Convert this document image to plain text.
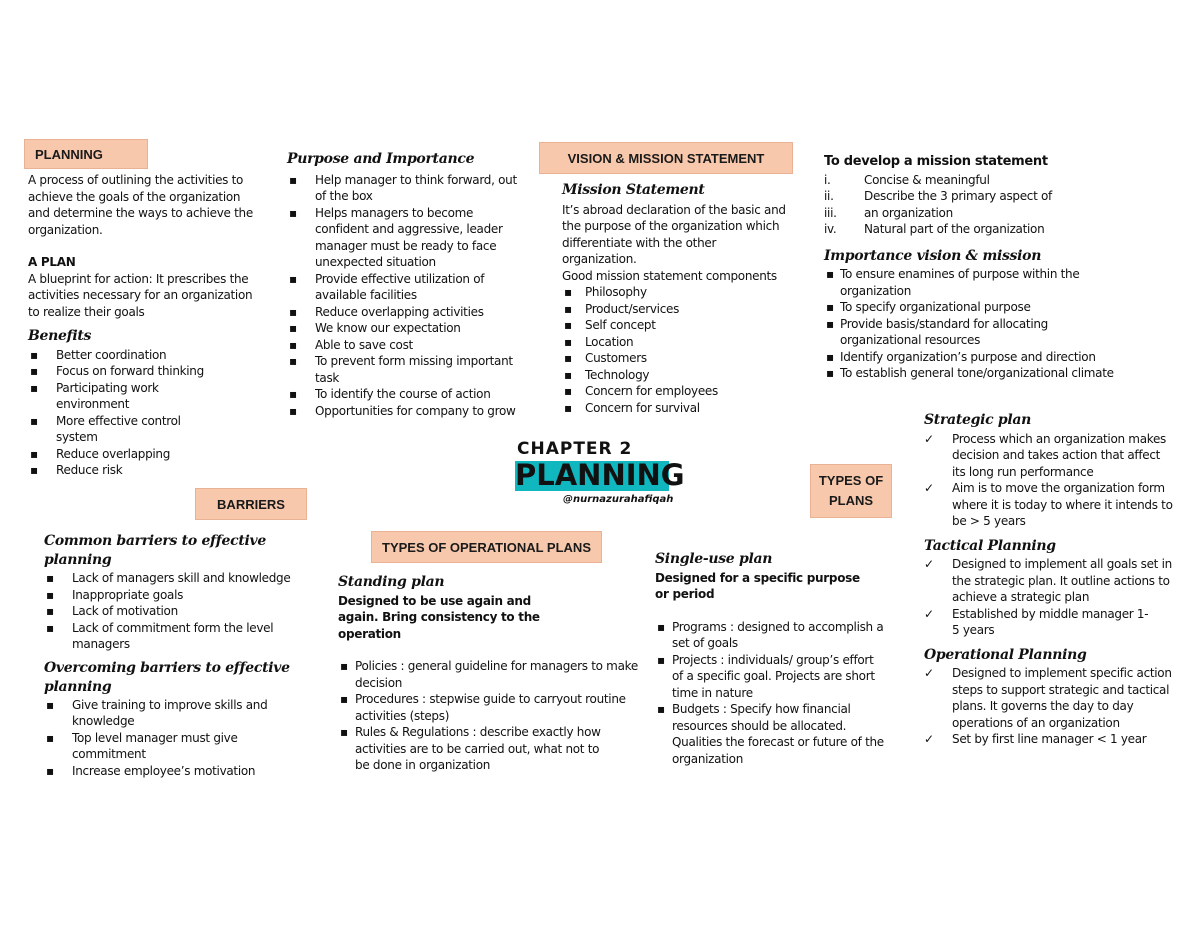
PLANNING
A process of outlining the activities to achieve the goals of the organization and determine the ways to achieve the organization.
A PLAN
A blueprint for action: It prescribes the activities necessary for an organization to realize their goals
Benefits
▪ Better coordination
▪ Focus on forward thinking
▪ Participating work environment
▪ More effective control system
▪ Reduce overlapping
▪ Reduce risk
Purpose and Importance
▪ Help manager to think forward, out of the box
▪ Helps managers to become confident and aggressive, leader manager must be ready to face unexpected situation
▪ Provide effective utilization of available facilities
▪ Reduce overlapping activities
▪ We know our expectation
▪ Able to save cost
▪ To prevent form missing important task
▪ To identify the course of action
▪ Opportunities for company to grow
VISION & MISSION STATEMENT
Mission Statement
It’s abroad declaration of the basic and the purpose of the organization which differentiate with the other organization.
Good mission statement components
▪ Philosophy
▪ Product/services
▪ Self concept
▪ Location
▪ Customers
▪ Technology
▪ Concern for employees
▪ Concern for survival
To develop a mission statement
i.	Concise & meaningful
ii.	Describe the 3 primary aspect of
iii. an organization
iv. Natural part of the organization
Importance vision & mission
▪ To ensure enamines of purpose within the organization
▪ To specify organizational purpose
▪ Provide basis/standard for allocating organizational resources
▪ Identify organization’s purpose and direction
▪ To establish general tone/organizational climate
CHAPTER 2
PLANNING
@nurnazurahafiqah
BARRIERS
Common barriers to effective planning
▪ Lack of managers skill and knowledge
▪ Inappropriate goals
▪ Lack of motivation
▪ Lack of commitment form the level managers
Overcoming barriers to effective planning
▪ Give training to improve skills and knowledge
▪ Top level manager must give commitment
▪ Increase employee’s motivation
TYPES OF OPERATIONAL PLANS
Standing plan
Designed to be use again and again. Bring consistency to the operation
▪ Policies : general guideline for managers to make decision
▪ Procedures : stepwise guide to carryout routine activities (steps)
▪ Rules & Regulations : describe exactly how activities are to be carried out, what not to be done in organization
Single-use plan
Designed for a specific purpose or period
▪ Programs : designed to accomplish a set of goals
▪ Projects : individuals/ group’s effort of a specific goal. Projects are short time in nature
▪ Budgets : Specify how financial resources should be allocated. Qualities the forecast or future of the organization
TYPES OF
PLANS
Strategic plan
✓ Process which an organization makes decision and takes action that affect its long run performance
✓ Aim is to move the organization form where it is today to where it intends to be > 5 years
Tactical Planning
✓ Designed to implement all goals set in the strategic plan. It outline actions to achieve a strategic plan
✓ Established by middle manager 1-5 years
Operational Planning
✓ Designed to implement specific action steps to support strategic and tactical plans. It governs the day to day operations of an organization
✓ Set by first line manager < 1 year
